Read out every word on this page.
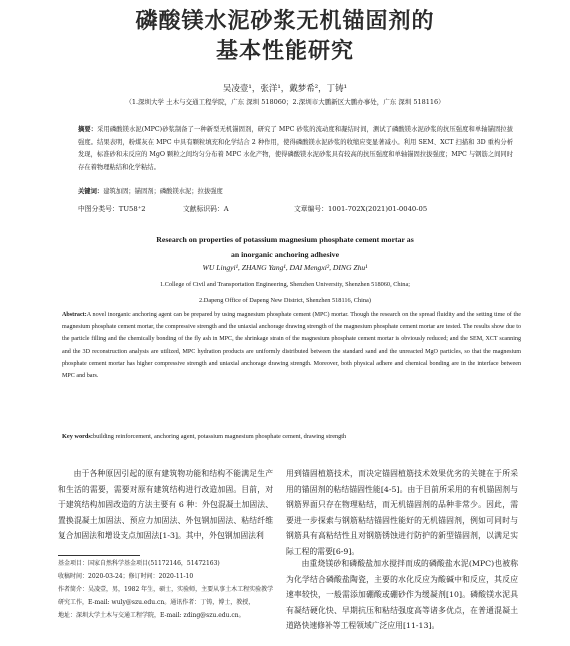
磷酸镁水泥砂浆无机锚固剂的
基本性能研究
吴凌壹¹，张洋¹，戴梦希²，丁铸¹
（1.深圳大学 土木与交通工程学院，广东 深圳 518060；2.深圳市大鹏新区大鹏办事处，广东 深圳 518116）
摘要：采用磷酸镁水泥(MPC)砂浆制备了一种新型无机锚固剂，研究了 MPC 砂浆的流动度和凝结时间，测试了磷酸镁水泥砂浆的抗压强度和单轴锚固拉拔强度。结果表明，粉煤灰在 MPC 中具有颗粒填充和化学结合 2 种作用，使得磷酸镁水泥砂浆的收缩应变显著减小。利用 SEM、XCT 扫描和 3D 重构分析发现，标准砂和未反应的 MgO 颗粒之间均匀分布着 MPC 水化产物，使得磷酸镁水泥砂浆具有较高的抗压强度和单轴锚固拉拔强度；MPC 与钢筋之间同时存在着物理粘结和化学粘结。
关键词：建筑加固；锚固剂；磷酸镁水泥；拉拔强度
中图分类号：TU58⁺2	文献标识码：A	文章编号：1001-702X(2021)01-0040-05
Research on properties of potassium magnesium phosphate cement mortar as
an inorganic anchoring adhesive
WU Lingyi¹, ZHANG Yang¹, DAI Mengxi², DING Zhu¹
1.College of Civil and Transportation Engineering, Shenzhen University, Shenzhen 518060, China;
2.Dapeng Office of Dapeng New District, Shenzhen 518116, China)
Abstract:A novel inorganic anchoring agent can be prepared by using magnesium phosphate cement (MPC) mortar. Though the research on the spread fluidity and the setting time of the magnesium phosphate cement mortar, the compressive strength and the uniaxial anchorage drawing strength of the magnesium phosphate cement mortar are tested. The results show due to the particle filling and the chemically bonding of the fly ash in MPC, the shrinkage strain of the magnesium phosphate cement mortar is obviously reduced; and the SEM, XCT scanning and the 3D reconstruction analysis are utilized, MPC hydration products are uniformly distributed between the standard sand and the unreacted MgO particles, so that the magnesium phosphate cement mortar has higher compressive strength and uniaxial anchorage drawing strength. Moreover, both physical adhere and chemical bonding are in the interface between MPC and bars.
Key words:building reinforcement, anchoring agent, potassium magnesium phosphate cement, drawing strength
由于各种原因引起的原有建筑物功能和结构不能满足生产和生活的需要，需要对原有建筑结构进行改造加固。目前，对于建筑结构加固改造的方法主要有 6 种：外包混凝土加固法、置换混凝土加固法、预应力加固法、外包钢加固法、粘结纤维复合加固法和增设支点加固法[1-3]。其中，外包钢加固法利
用到锚固植筋技术，而决定锚固植筋技术效果优劣的关键在于所采用的锚固剂的粘结锚固性能[4-5]。由于目前所采用的有机锚固剂与钢筋界面只存在物理粘结，而无机锚固剂的品种非常少。因此，需要进一步探索与钢筋粘结锚固性能好的无机锚固剂，例如可同时与钢筋具有高粘结性且对钢筋锈蚀进行防护的新型锚固剂，以满足实际工程的需要[6-9]。
由重烧镁砂和磷酸盐加水搅拌而成的磷酸盐水泥(MPC)也被称为化学结合磷酸盐陶瓷，主要的水化反应为酸碱中和反应，其反应速率较快，一般需添加硼酸或硼砂作为缓凝剂[10]。磷酸镁水泥具有凝结硬化快、早期抗压和粘结强度高等诸多优点，在普通混凝土道路快速修补等工程领域广泛应用[11-13]。
基金项目：国家自然科学基金项目(51172146，51472163)
收稿时间：2020-03-24；修订时间：2020-11-10
作者简介：吴凌壹，男，1982 年生，硕士，实验师，主要从事土木工程实验教学研究工作，E-mail: wuly@szu.edu.cn。通讯作者：丁铸，博士，教授，
地址：深圳大学土木与交通工程学院，E-mail: zding@szu.edu.cn。
